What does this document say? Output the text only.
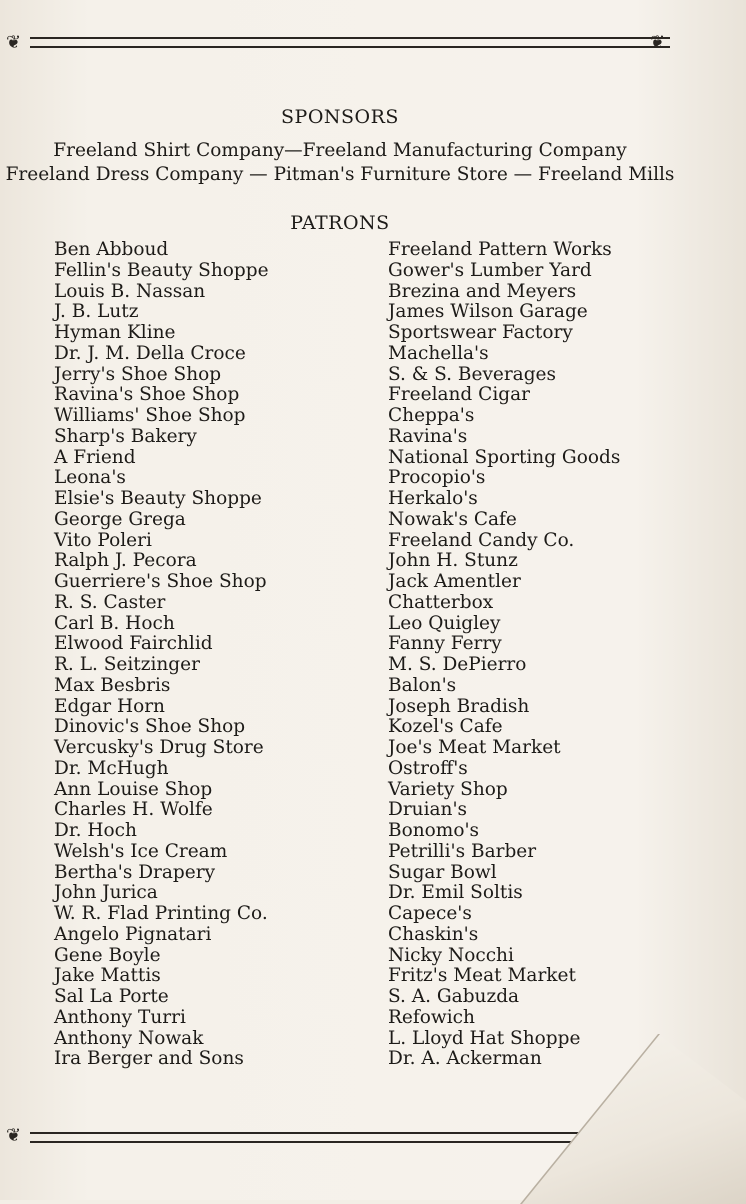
❦	❦
SPONSORS
Freeland Shirt Company—Freeland Manufacturing Company
Freeland Dress Company — Pitman's Furniture Store — Freeland Mills
PATRONS
Ben Abboud
Fellin's Beauty Shoppe
Louis B. Nassan
J. B. Lutz
Hyman Kline
Dr. J. M. Della Croce
Jerry's Shoe Shop
Ravina's Shoe Shop
Williams' Shoe Shop
Sharp's Bakery
A Friend
Leona's
Elsie's Beauty Shoppe
George Grega
Vito Poleri
Ralph J. Pecora
Guerriere's Shoe Shop
R. S. Caster
Carl B. Hoch
Elwood Fairchlid
R. L. Seitzinger
Max Besbris
Edgar Horn
Dinovic's Shoe Shop
Vercusky's Drug Store
Dr. McHugh
Ann Louise Shop
Charles H. Wolfe
Dr. Hoch
Welsh's Ice Cream
Bertha's Drapery
John Jurica
W. R. Flad Printing Co.
Angelo Pignatari
Gene Boyle
Jake Mattis
Sal La Porte
Anthony Turri
Anthony Nowak
Ira Berger and Sons
Freeland Pattern Works
Gower's Lumber Yard
Brezina and Meyers
James Wilson Garage
Sportswear Factory
Machella's
S. & S. Beverages
Freeland Cigar
Cheppa's
Ravina's
National Sporting Goods
Procopio's
Herkalo's
Nowak's Cafe
Freeland Candy Co.
John H. Stunz
Jack Amentler
Chatterbox
Leo Quigley
Fanny Ferry
M. S. DePierro
Balon's
Joseph Bradish
Kozel's Cafe
Joe's Meat Market
Ostroff's
Variety Shop
Druian's
Bonomo's
Petrilli's Barber
Sugar Bowl
Dr. Emil Soltis
Capece's
Chaskin's
Nicky Nocchi
Fritz's Meat Market
S. A. Gabuzda
Refowich
L. Lloyd Hat Shoppe
Dr. A. Ackerman
❦
